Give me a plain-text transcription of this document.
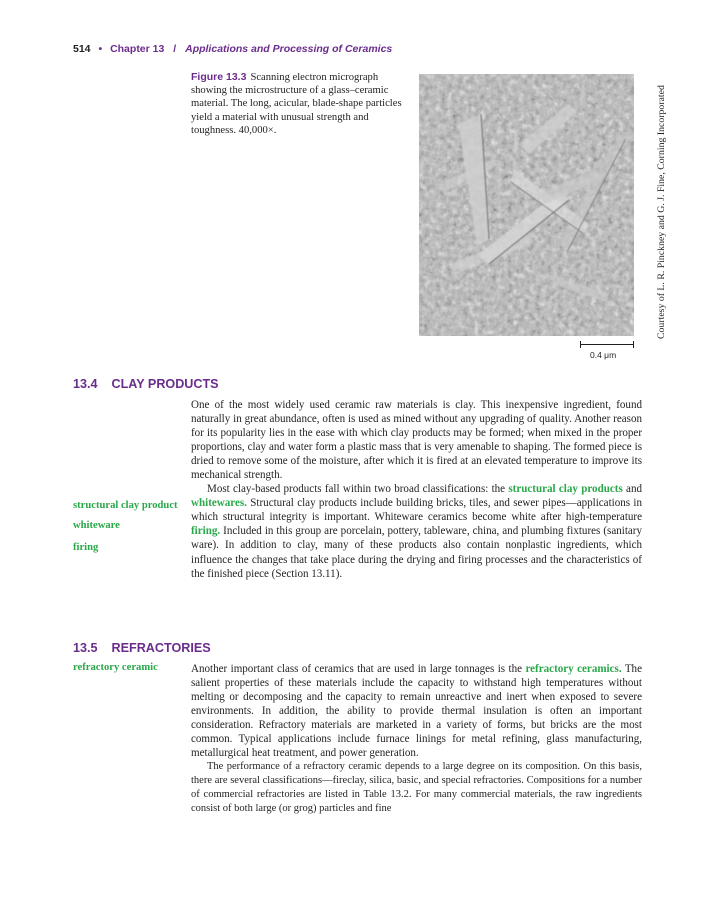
514 • Chapter 13 / Applications and Processing of Ceramics
Figure 13.3 Scanning electron micrograph showing the microstructure of a glass–ceramic material. The long, acicular, blade-shape particles yield a material with unusual strength and toughness. 40,000×.
0.4 μm
Courtesy of L. R. Pinckney and G. J. Fine, Corning Incorporated
13.4 CLAY PRODUCTS

One of the most widely used ceramic raw materials is clay. This inexpensive ingredient, found naturally in great abundance, often is used as mined without any upgrading of quality. Another reason for its popularity lies in the ease with which clay products may be formed; when mixed in the proper proportions, clay and water form a plastic mass that is very amenable to shaping. The formed piece is dried to remove some of the moisture, after which it is fired at an elevated temperature to improve its mechanical strength.

Most clay-based products fall within two broad classifications: the structural clay products and whitewares. Structural clay products include building bricks, tiles, and sewer pipes—applications in which structural integrity is important. Whiteware ceramics become white after high-temperature firing. Included in this group are porcelain, pottery, tableware, china, and plumbing fixtures (sanitary ware). In addition to clay, many of these products also contain nonplastic ingredients, which influence the changes that take place during the drying and firing processes and the characteristics of the finished piece (Section 13.11).

structural clay product
whiteware
firing
13.5 REFRACTORIES
refractory ceramic	Another important class of ceramics that are used in large tonnages is the refractory ceramics. The salient properties of these materials include the capacity to withstand high temperatures without melting or decomposing and the capacity to remain unreactive and inert when exposed to severe environments. In addition, the ability to provide thermal insulation is often an important consideration. Refractory materials are marketed in a variety of forms, but bricks are the most common. Typical applications include furnace linings for metal refining, glass manufacturing, metallurgical heat treatment, and power generation.

The performance of a refractory ceramic depends to a large degree on its composition. On this basis, there are several classifications—fireclay, silica, basic, and special refractories. Compositions for a number of commercial refractories are listed in Table 13.2. For many commercial materials, the raw ingredients consist of both large (or grog) particles and fine
